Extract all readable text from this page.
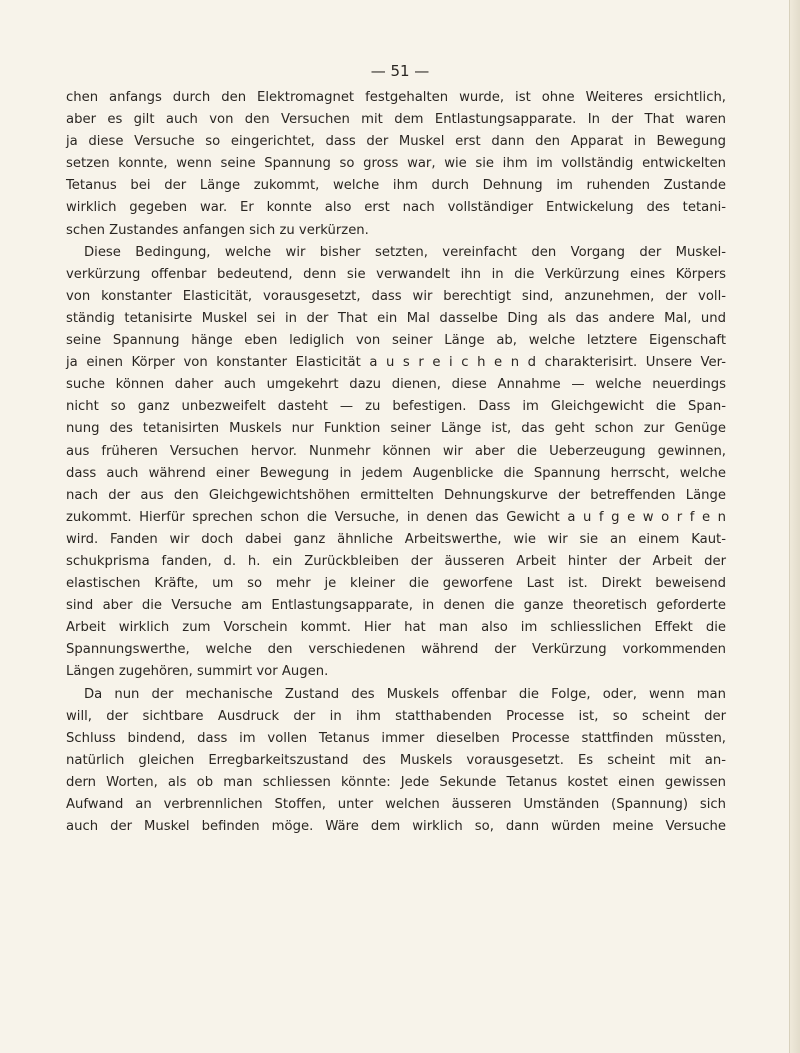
— 51 —
chen anfangs durch den Elektromagnet festgehalten wurde, ist ohne Weiteres ersichtlich,
aber es gilt auch von den Versuchen mit dem Entlastungsapparate. In der That waren
ja diese Versuche so eingerichtet, dass der Muskel erst dann den Apparat in Bewegung
setzen konnte, wenn seine Spannung so gross war, wie sie ihm im vollständig entwickelten
Tetanus bei der Länge zukommt, welche ihm durch Dehnung im ruhenden Zustande
wirklich gegeben war. Er konnte also erst nach vollständiger Entwickelung des tetani-
schen Zustandes anfangen sich zu verkürzen.
Diese Bedingung, welche wir bisher setzten, vereinfacht den Vorgang der Muskel-
verkürzung offenbar bedeutend, denn sie verwandelt ihn in die Verkürzung eines Körpers
von konstanter Elasticität, vorausgesetzt, dass wir berechtigt sind, anzunehmen, der voll-
ständig tetanisirte Muskel sei in der That ein Mal dasselbe Ding als das andere Mal, und
seine Spannung hänge eben lediglich von seiner Länge ab, welche letztere Eigenschaft
ja einen Körper von konstanter Elasticität a u s r e i c h e n d charakterisirt. Unsere Ver-
suche können daher auch umgekehrt dazu dienen, diese Annahme — welche neuerdings
nicht so ganz unbezweifelt dasteht — zu befestigen. Dass im Gleichgewicht die Span-
nung des tetanisirten Muskels nur Funktion seiner Länge ist, das geht schon zur Genüge
aus früheren Versuchen hervor. Nunmehr können wir aber die Ueberzeugung gewinnen,
dass auch während einer Bewegung in jedem Augenblicke die Spannung herrscht, welche
nach der aus den Gleichgewichtshöhen ermittelten Dehnungskurve der betreffenden Länge
zukommt. Hierfür sprechen schon die Versuche, in denen das Gewicht a u f g e w o r f e n
wird. Fanden wir doch dabei ganz ähnliche Arbeitswerthe, wie wir sie an einem Kaut-
schukprisma fanden, d. h. ein Zurückbleiben der äusseren Arbeit hinter der Arbeit der
elastischen Kräfte, um so mehr je kleiner die geworfene Last ist. Direkt beweisend
sind aber die Versuche am Entlastungsapparate, in denen die ganze theoretisch geforderte
Arbeit wirklich zum Vorschein kommt. Hier hat man also im schliesslichen Effekt die
Spannungswerthe, welche den verschiedenen während der Verkürzung vorkommenden
Längen zugehören, summirt vor Augen.
Da nun der mechanische Zustand des Muskels offenbar die Folge, oder, wenn man
will, der sichtbare Ausdruck der in ihm statthabenden Processe ist, so scheint der
Schluss bindend, dass im vollen Tetanus immer dieselben Processe stattfinden müssten,
natürlich gleichen Erregbarkeitszustand des Muskels vorausgesetzt. Es scheint mit an-
dern Worten, als ob man schliessen könnte: Jede Sekunde Tetanus kostet einen gewissen
Aufwand an verbrennlichen Stoffen, unter welchen äusseren Umständen (Spannung) sich
auch der Muskel befinden möge. Wäre dem wirklich so, dann würden meine Versuche
